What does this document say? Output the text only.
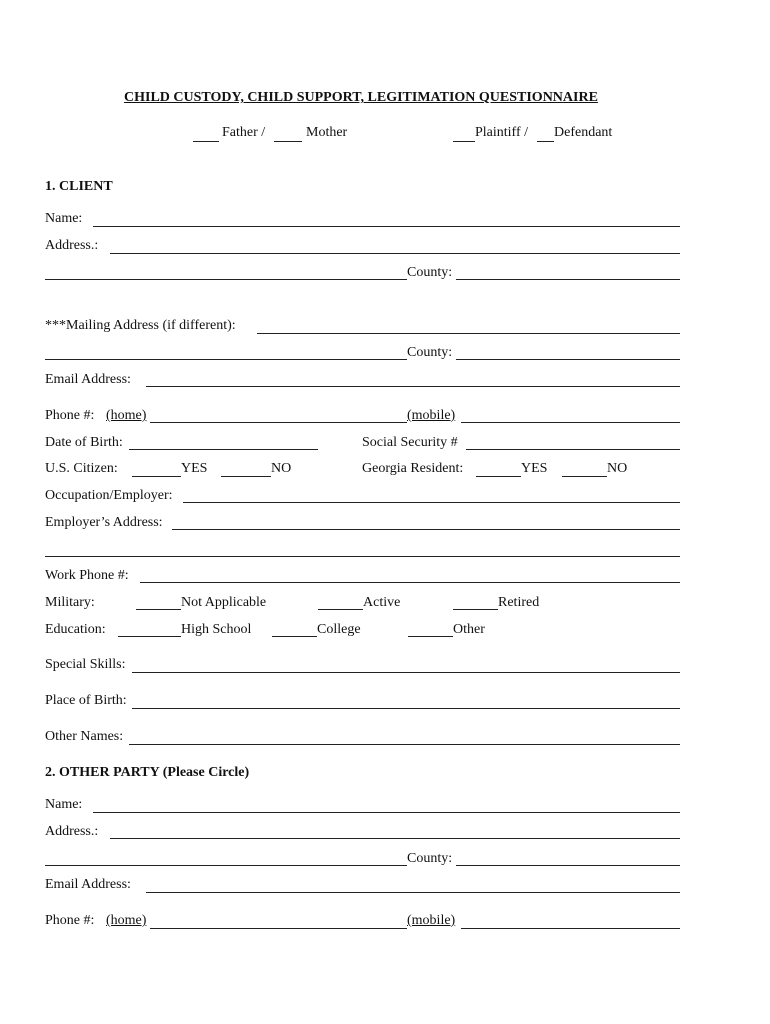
CHILD CUSTODY, CHILD SUPPORT, LEGITIMATION QUESTIONNAIRE
Father /	Mother	Plaintiff / Defendant
1. CLIENT
Name:
Address.:
County:
***Mailing Address (if different):
County:
Email Address:
Phone #: (home)	(mobile)
Date of Birth:	Social Security #
U.S. Citizen:	YES	NO	Georgia Resident:	YES	NO
Occupation/Employer:
Employer’s Address:
Work Phone #:
Military:	Not Applicable	Active	Retired
Education:	High School	College	Other
Special Skills:
Place of Birth:
Other Names:
2. OTHER PARTY (Please Circle)
Name:
Address.:
County:
Email Address:
Phone #: (home)	(mobile)
